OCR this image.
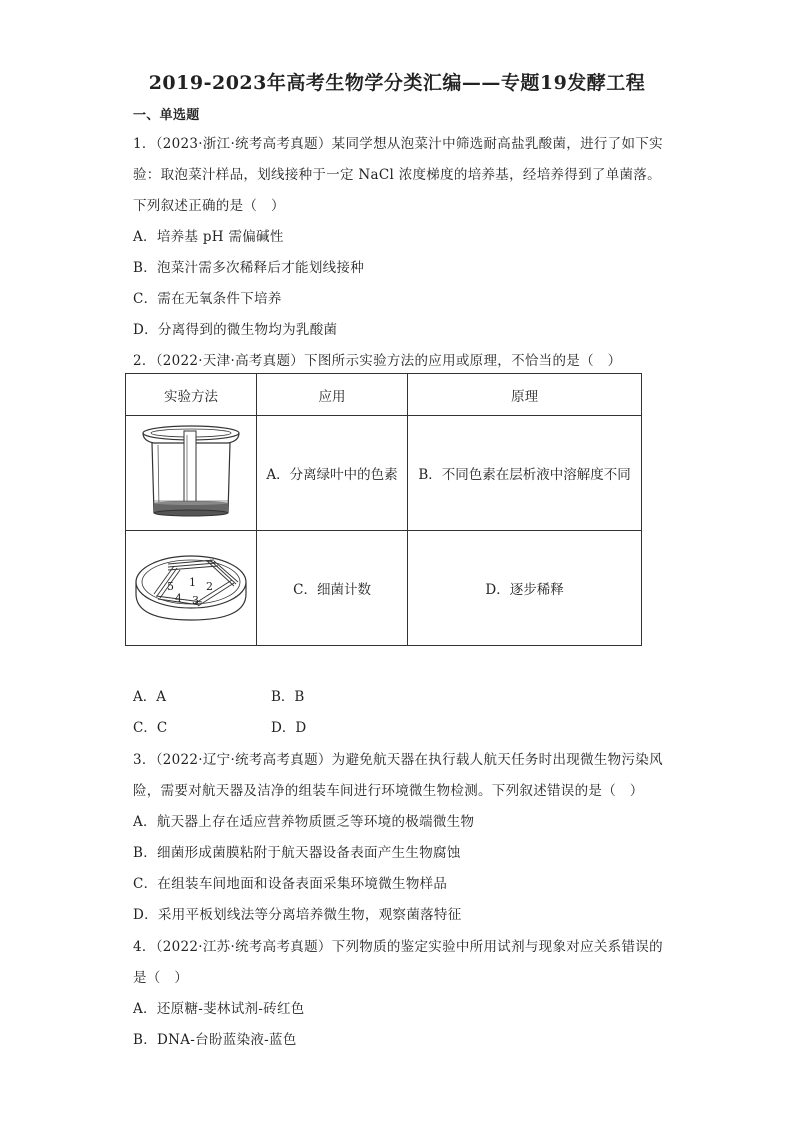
2019-2023年高考生物学分类汇编——专题19发酵工程
一、单选题
1．（2023·浙江·统考高考真题）某同学想从泡菜汁中筛选耐高盐乳酸菌，进行了如下实
验：取泡菜汁样品，划线接种于一定 NaCl 浓度梯度的培养基，经培养得到了单菌落。
下列叙述正确的是（　）
A．培养基 pH 需偏碱性
B．泡菜汁需多次稀释后才能划线接种
C．需在无氧条件下培养
D．分离得到的微生物均为乳酸菌
2．（2022·天津·高考真题）下图所示实验方法的应用或原理，不恰当的是（　）
实验方法	应用	原理
	A．分离绿叶中的色素	B．不同色素在层析液中溶解度不同

1 2
3
4
5	C．细菌计数	D．逐步稀释
A．A	B．B
C．C	D．D
3．（2022·辽宁·统考高考真题）为避免航天器在执行载人航天任务时出现微生物污染风
险，需要对航天器及洁净的组装车间进行环境微生物检测。下列叙述错误的是（　）
A．航天器上存在适应营养物质匮乏等环境的极端微生物
B．细菌形成菌膜粘附于航天器设备表面产生生物腐蚀
C．在组装车间地面和设备表面采集环境微生物样品
D．采用平板划线法等分离培养微生物，观察菌落特征
4．（2022·江苏·统考高考真题）下列物质的鉴定实验中所用试剂与现象对应关系错误的
是（　）
A．还原糖-斐林试剂-砖红色
B．DNA-台盼蓝染液-蓝色
